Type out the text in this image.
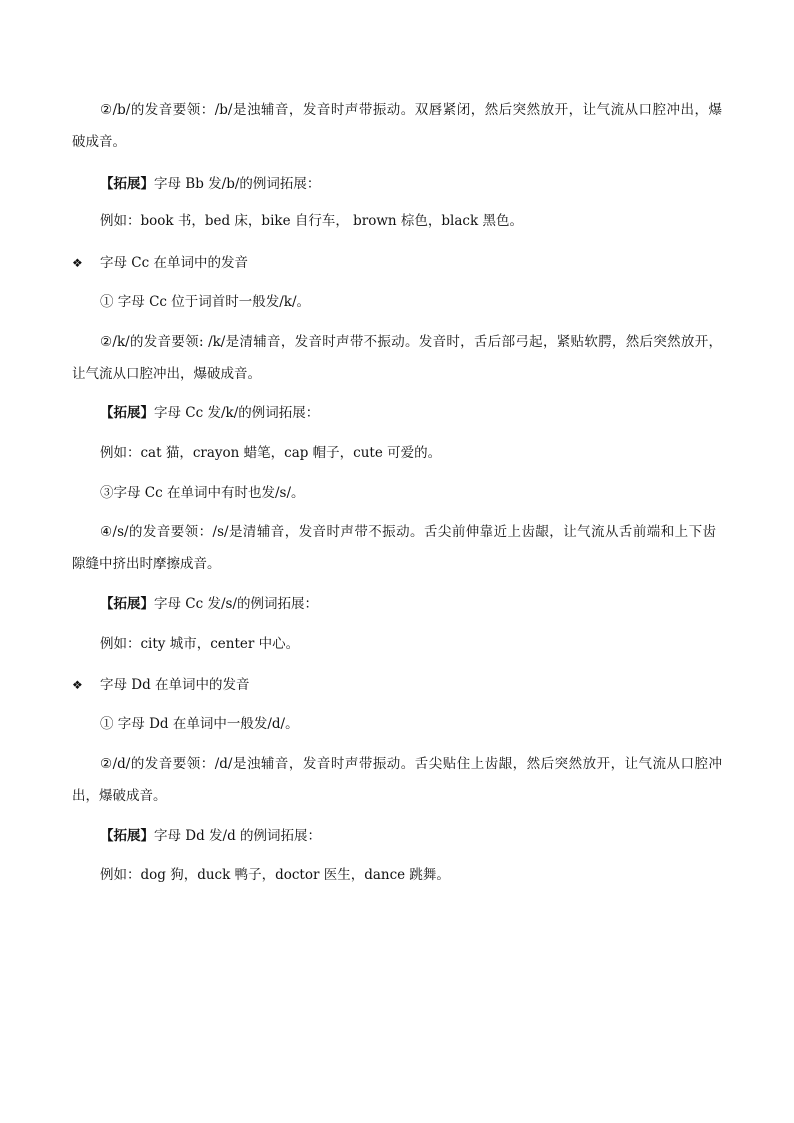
②/b/的发音要领：/b/是浊辅音，发音时声带振动。双唇紧闭，然后突然放开，让气流从口腔冲出，爆
破成音。
【拓展】字母 Bb 发/b/的例词拓展：
例如：book 书，bed 床，bike 自行车， brown 棕色，black 黑色。
❖ 字母 Cc 在单词中的发音
① 字母 Cc 位于词首时一般发/k/。
②/k/的发音要领: /k/是清辅音，发音时声带不振动。发音时，舌后部弓起，紧贴软腭，然后突然放开，
让气流从口腔冲出，爆破成音。
【拓展】字母 Cc 发/k/的例词拓展：
例如：cat 猫，crayon 蜡笔，cap 帽子，cute 可爱的。
③字母 Cc 在单词中有时也发/s/。
④/s/的发音要领：/s/是清辅音，发音时声带不振动。舌尖前伸靠近上齿龈，让气流从舌前端和上下齿
隙缝中挤出时摩擦成音。
【拓展】字母 Cc 发/s/的例词拓展：
例如：city 城市，center 中心。
❖ 字母 Dd 在单词中的发音
① 字母 Dd 在单词中一般发/d/。
②/d/的发音要领：/d/是浊辅音，发音时声带振动。舌尖贴住上齿龈，然后突然放开，让气流从口腔冲
出，爆破成音。
【拓展】字母 Dd 发/d 的例词拓展：
例如：dog 狗，duck 鸭子，doctor 医生，dance 跳舞。
